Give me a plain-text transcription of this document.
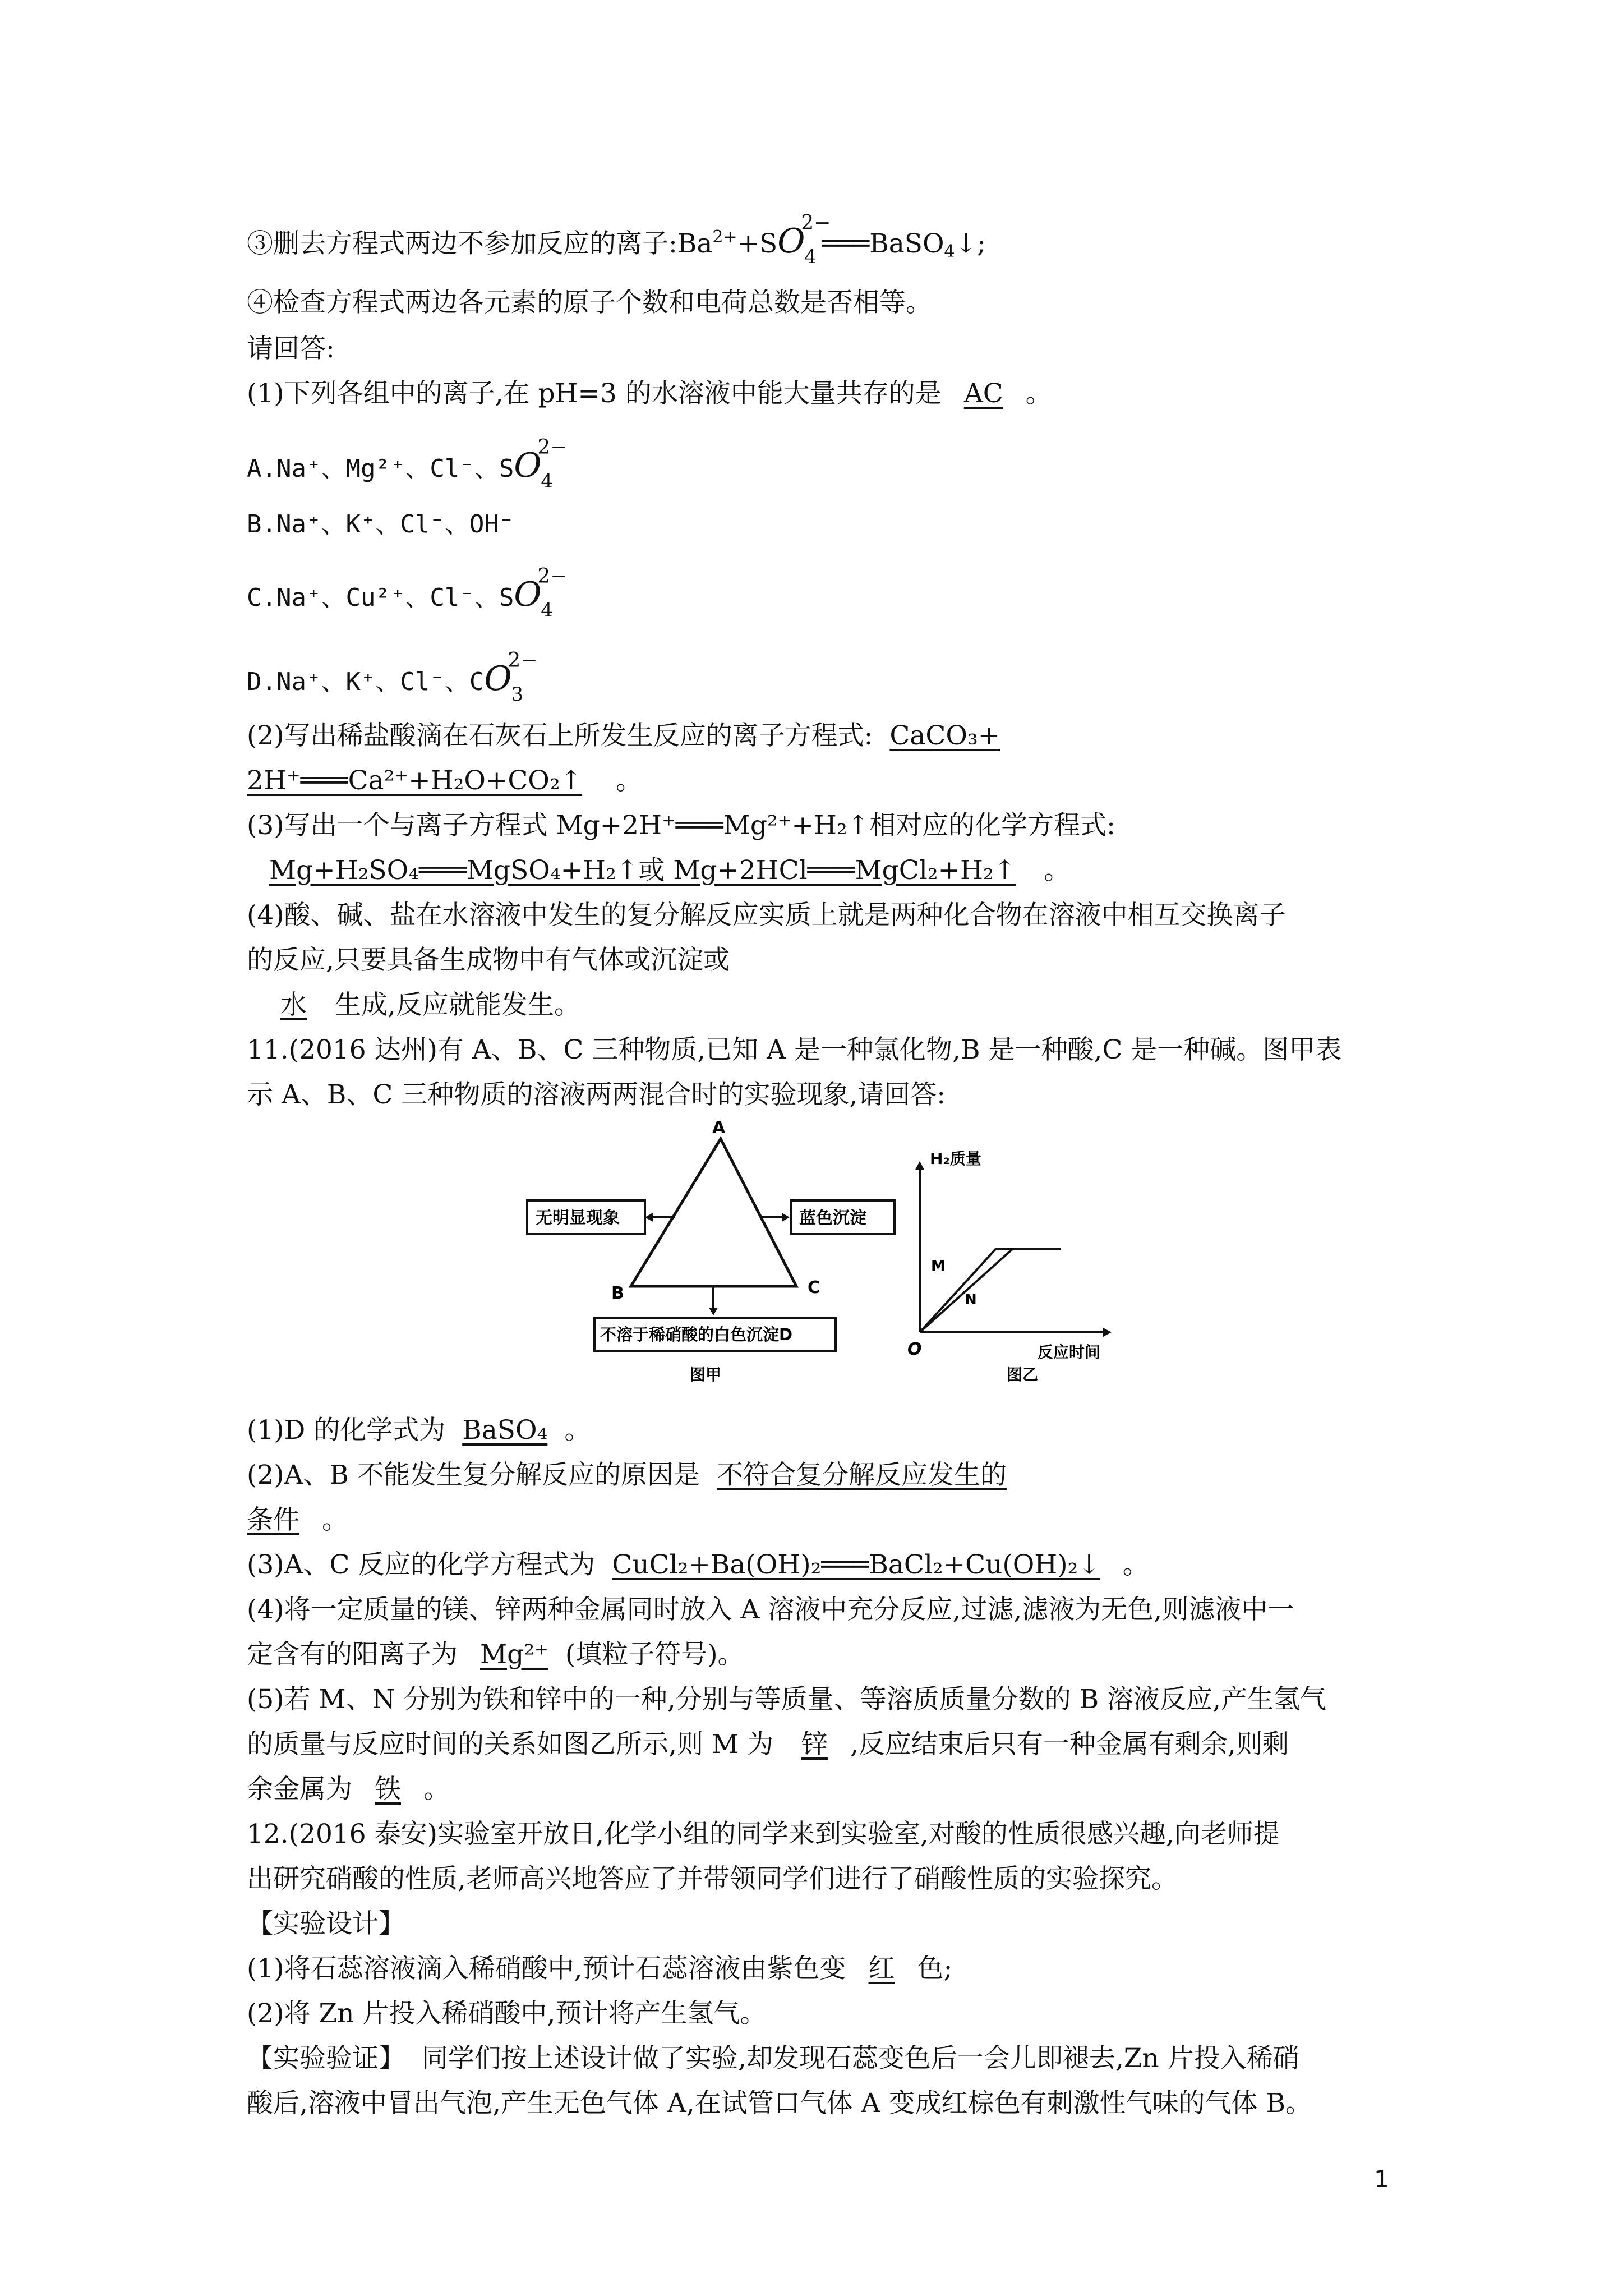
③删去方程式两边不参加反应的离子$:Ba^{2+}+SO$
2−
4 ═══BaSO$_4$↓;
④检查方程式两边各元素的原子个数和电荷总数是否相等。
请回答:
(1)下列各组中的离子,在 pH=3 的水溶液中能大量共存的是 AC 。
A.Na⁺、Mg²⁺、Cl⁻、SO
2−
4
B.Na⁺、K⁺、Cl⁻、OH⁻
C.Na⁺、Cu²⁺、Cl⁻、SO
2−
4
D.Na⁺、K⁺、Cl⁻、CO
2−
3
(2)写出稀盐酸滴在石灰石上所发生反应的离子方程式: CaCO₃+
2H⁺═══Ca²⁺+H₂O+CO₂↑ 。
(3)写出一个与离子方程式 Mg+2H⁺═══Mg²⁺+H₂↑相对应的化学方程式:
Mg+H₂SO₄═══MgSO₄+H₂↑或 Mg+2HCl═══MgCl₂+H₂↑ 。
(4)酸、碱、盐在水溶液中发生的复分解反应实质上就是两种化合物在溶液中相互交换离子
的反应,只要具备生成物中有气体或沉淀或
水 生成,反应就能发生。
11.(2016 达州)有 A、B、C 三种物质,已知 A 是一种氯化物,B 是一种酸,C 是一种碱。图甲表
示 A、B、C 三种物质的溶液两两混合时的实验现象,请回答:
A
B	C
无明显现象	蓝色沉淀
不溶于稀硝酸的白色沉淀D
图甲
H₂质量
反应时间
O
M
N
图乙
(1)D 的化学式为 BaSO₄ 。
(2)A、B 不能发生复分解反应的原因是 不符合复分解反应发生的
条件 。
(3)A、C 反应的化学方程式为 CuCl₂+Ba(OH)₂═══BaCl₂+Cu(OH)₂↓ 。
(4)将一定质量的镁、锌两种金属同时放入 A 溶液中充分反应,过滤,滤液为无色,则滤液中一
定含有的阳离子为 Mg²⁺ (填粒子符号)。
(5)若 M、N 分别为铁和锌中的一种,分别与等质量、等溶质质量分数的 B 溶液反应,产生氢气
的质量与反应时间的关系如图乙所示,则 M 为 锌 ,反应结束后只有一种金属有剩余,则剩
余金属为 铁 。
12.(2016 泰安)实验室开放日,化学小组的同学来到实验室,对酸的性质很感兴趣,向老师提
出研究硝酸的性质,老师高兴地答应了并带领同学们进行了硝酸性质的实验探究。
【实验设计】
(1)将石蕊溶液滴入稀硝酸中,预计石蕊溶液由紫色变 红 色;
(2)将 Zn 片投入稀硝酸中,预计将产生氢气。
【实验验证】 同学们按上述设计做了实验,却发现石蕊变色后一会儿即褪去,Zn 片投入稀硝
酸后,溶液中冒出气泡,产生无色气体 A,在试管口气体 A 变成红棕色有刺激性气味的气体 B。
1
